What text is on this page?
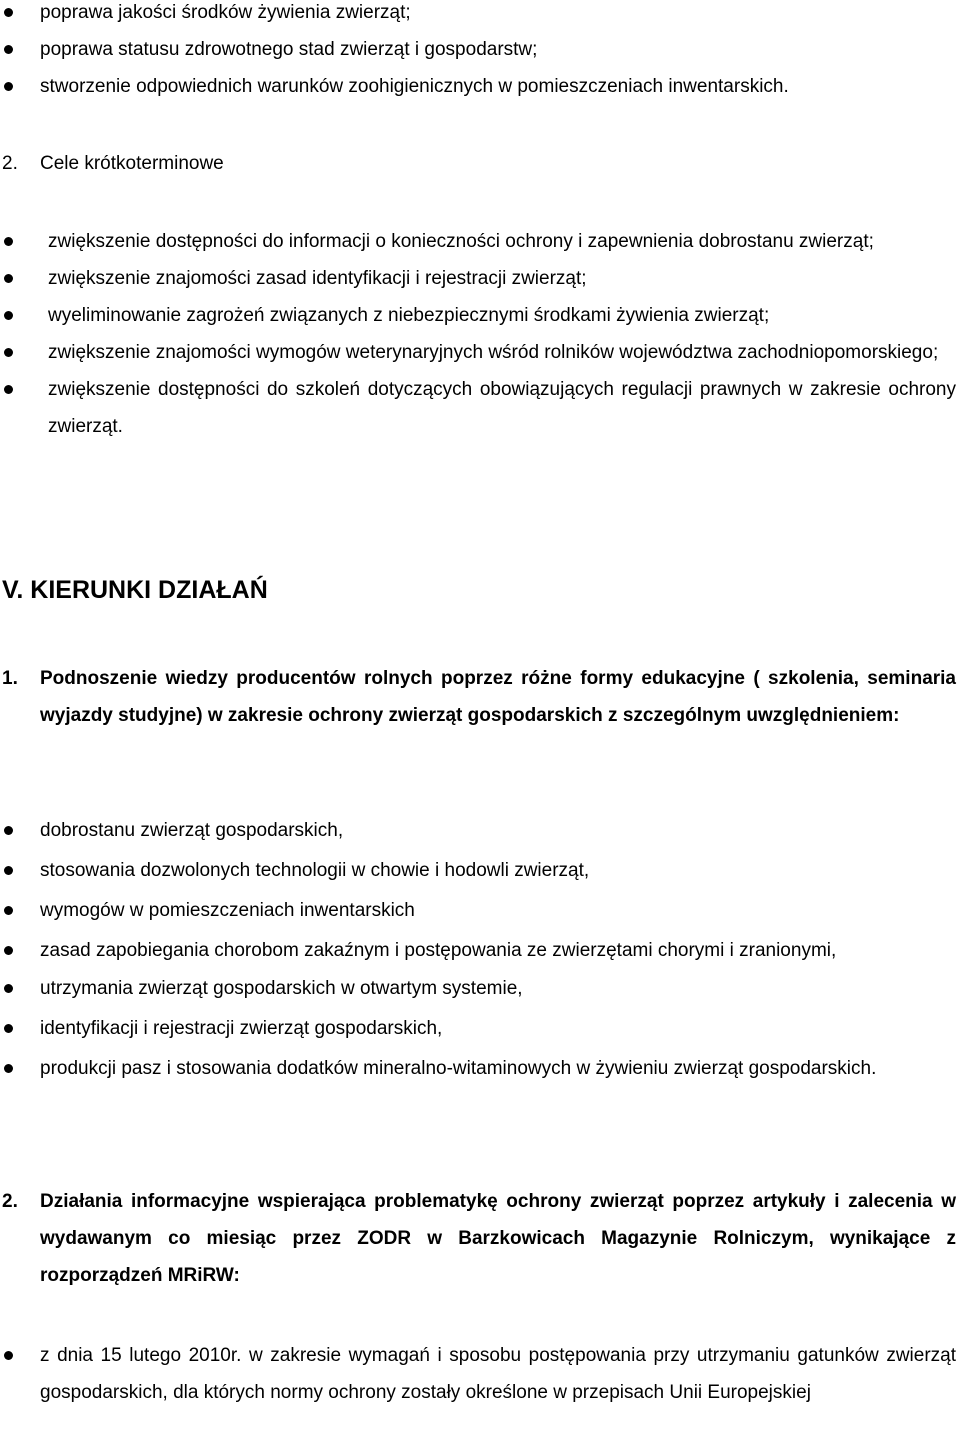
poprawa jakości środków żywienia zwierząt;
poprawa statusu zdrowotnego stad zwierząt i gospodarstw;
stworzenie odpowiednich warunków zoohigienicznych w pomieszczeniach inwentarskich.
2. Cele krótkoterminowe
zwiększenie dostępności do informacji o konieczności ochrony i zapewnienia dobrostanu zwierząt;
zwiększenie znajomości zasad identyfikacji i rejestracji zwierząt;
wyeliminowanie zagrożeń związanych z niebezpiecznymi środkami żywienia zwierząt;
zwiększenie znajomości wymogów weterynaryjnych wśród rolników województwa zachodniopomorskiego;
zwiększenie dostępności do szkoleń dotyczących obowiązujących regulacji prawnych w zakresie ochrony zwierząt.
V. KIERUNKI DZIAŁAŃ
1. Podnoszenie wiedzy producentów rolnych poprzez różne formy edukacyjne ( szkolenia, seminaria wyjazdy studyjne) w zakresie ochrony zwierząt gospodarskich z szczególnym uwzględnieniem:
dobrostanu zwierząt gospodarskich,
stosowania dozwolonych technologii w chowie i hodowli zwierząt,
wymogów w pomieszczeniach inwentarskich
zasad zapobiegania chorobom zakaźnym i postępowania ze zwierzętami chorymi i zranionymi,
utrzymania zwierząt gospodarskich w otwartym systemie,
identyfikacji i rejestracji zwierząt gospodarskich,
produkcji pasz i stosowania dodatków mineralno-witaminowych w żywieniu zwierząt gospodarskich.
2. Działania informacyjne wspierająca problematykę ochrony zwierząt poprzez artykuły i zalecenia w wydawanym co miesiąc przez ZODR w Barzkowicach Magazynie Rolniczym, wynikające z rozporządzeń MRiRW:
z dnia 15 lutego 2010r. w zakresie wymagań i sposobu postępowania przy utrzymaniu gatunków zwierząt gospodarskich, dla których normy ochrony zostały określone w przepisach Unii Europejskiej
